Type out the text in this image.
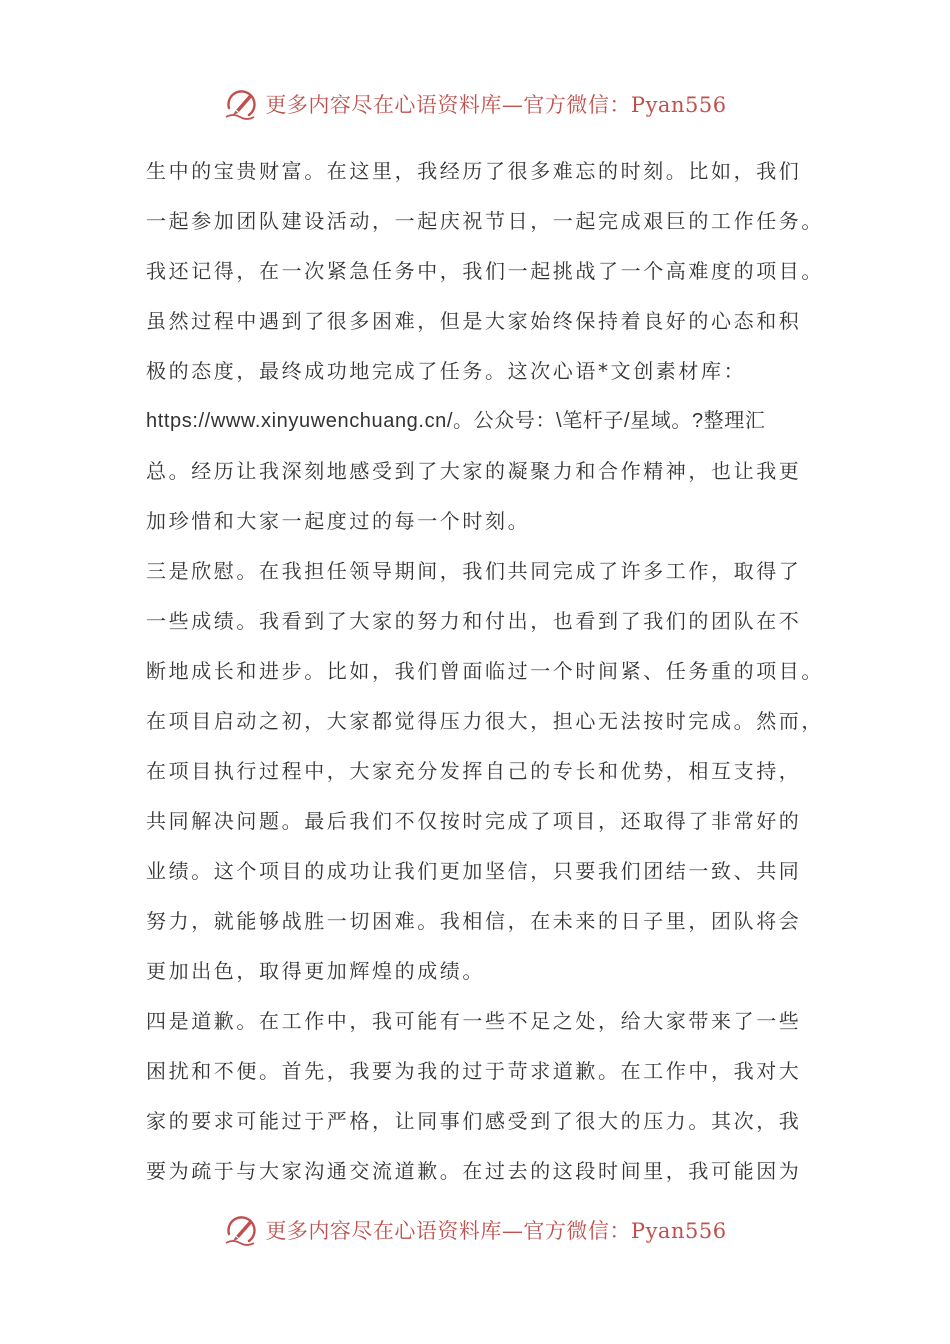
更多内容尽在心语资料库—官方微信：Pyan556
生中的宝贵财富。在这里，我经历了很多难忘的时刻。比如，我们
一起参加团队建设活动，一起庆祝节日，一起完成艰巨的工作任务。
我还记得，在一次紧急任务中，我们一起挑战了一个高难度的项目。
虽然过程中遇到了很多困难，但是大家始终保持着良好的心态和积
极的态度，最终成功地完成了任务。这次心语*文创素材库：
https://www.xinyuwenchuang.cn/。公众号：\笔杆子/星域。?整理汇
总。经历让我深刻地感受到了大家的凝聚力和合作精神，也让我更
加珍惜和大家一起度过的每一个时刻。
三是欣慰。在我担任领导期间，我们共同完成了许多工作，取得了
一些成绩。我看到了大家的努力和付出，也看到了我们的团队在不
断地成长和进步。比如，我们曾面临过一个时间紧、任务重的项目。
在项目启动之初，大家都觉得压力很大，担心无法按时完成。然而，
在项目执行过程中，大家充分发挥自己的专长和优势，相互支持，
共同解决问题。最后我们不仅按时完成了项目，还取得了非常好的
业绩。这个项目的成功让我们更加坚信，只要我们团结一致、共同
努力，就能够战胜一切困难。我相信，在未来的日子里，团队将会
更加出色，取得更加辉煌的成绩。
四是道歉。在工作中，我可能有一些不足之处，给大家带来了一些
困扰和不便。首先，我要为我的过于苛求道歉。在工作中，我对大
家的要求可能过于严格，让同事们感受到了很大的压力。其次，我
要为疏于与大家沟通交流道歉。在过去的这段时间里，我可能因为
更多内容尽在心语资料库—官方微信：Pyan556
